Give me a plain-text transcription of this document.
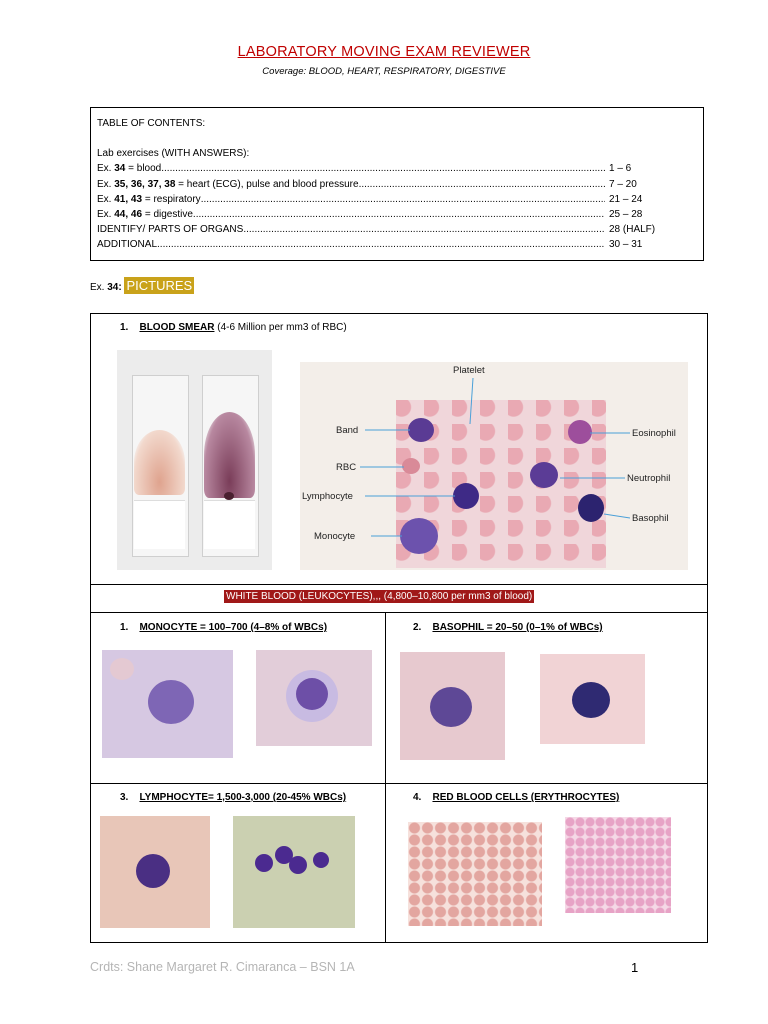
LABORATORY MOVING EXAM REVIEWER
Coverage: BLOOD, HEART, RESPIRATORY, DIGESTIVE
TABLE OF CONTENTS:
Lab exercises (WITH ANSWERS):
Ex. 34 = blood .....	1 – 6
Ex. 35, 36, 37, 38 = heart (ECG), pulse and blood pressure .....	7 – 20
Ex. 41, 43 = respiratory .....	21 – 24
Ex. 44, 46 = digestive .....	25 – 28
IDENTIFY/ PARTS OF ORGANS .....	28 (HALF)
ADDITIONAL .....	30 – 31
Ex. 34: PICTURES
1. BLOOD SMEAR (4-6 Million per mm3 of RBC)
Platelet
Band
RBC
Lymphocyte
Monocyte
Eosinophil
Neutrophil
Basophil
WHITE BLOOD (LEUKOCYTES),,, (4,800–10,800 per mm3 of blood)
1. MONOCYTE = 100–700 (4–8% of WBCs)	2. BASOPHIL = 20–50 (0–1% of WBCs)
3. LYMPHOCYTE= 1,500-3,000 (20-45% WBCs)	4. RED BLOOD CELLS (ERYTHROCYTES)
Crdts: Shane Margaret R. Cimaranca – BSN 1A	1
